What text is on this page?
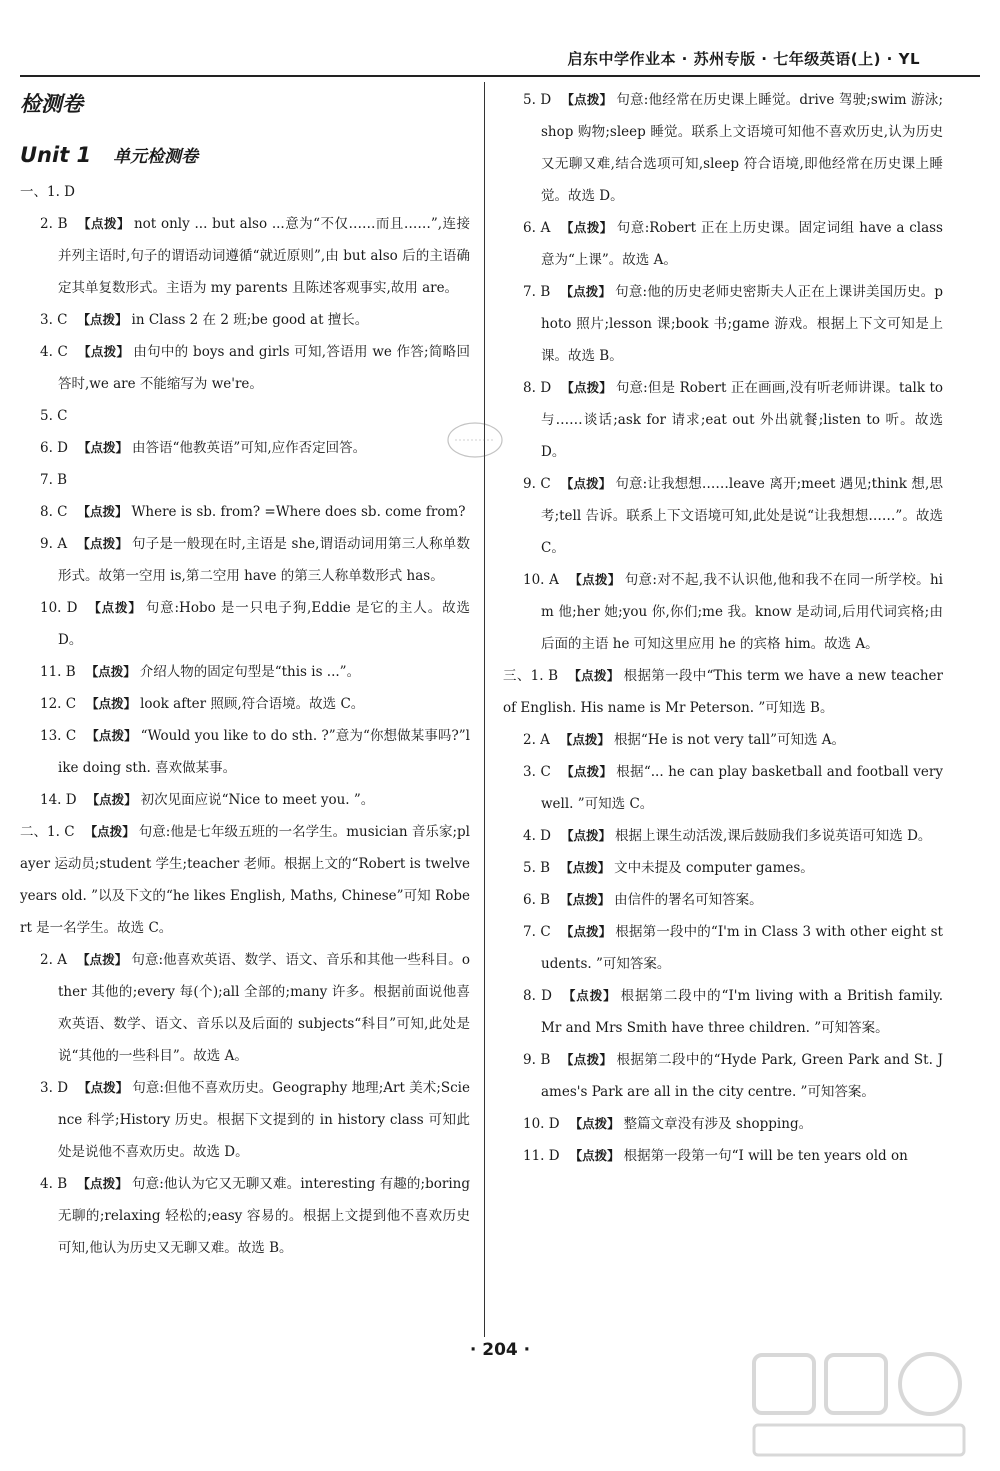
启东中学作业本 · 苏州专版 · 七年级英语(上) · YL
检测卷
Unit 1 单元检测卷

一、1. D

2. B 【点拨】 not only ... but also ...意为“不仅……而且……”,连接并列主语时,句子的谓语动词遵循“就近原则”,由 but also 后的主语确定其单复数形式。主语为 my parents 且陈述客观事实,故用 are。

3. C 【点拨】 in Class 2 在 2 班;be good at 擅长。

4. C 【点拨】 由句中的 boys and girls 可知,答语用 we 作答;简略回答时,we are 不能缩写为 we're。

5. C

6. D 【点拨】 由答语“他教英语”可知,应作否定回答。

7. B

8. C 【点拨】 Where is sb. from? =Where does sb. come from?

9. A 【点拨】 句子是一般现在时,主语是 she,谓语动词用第三人称单数形式。故第一空用 is,第二空用 have 的第三人称单数形式 has。

10. D 【点拨】 句意:Hobo 是一只电子狗,Eddie 是它的主人。故选 D。

11. B 【点拨】 介绍人物的固定句型是“this is ...”。

12. C 【点拨】 look after 照顾,符合语境。故选 C。

13. C 【点拨】 “Would you like to do sth. ?”意为“你想做某事吗?”like doing sth. 喜欢做某事。

14. D 【点拨】 初次见面应说“Nice to meet you. ”。

二、1. C 【点拨】 句意:他是七年级五班的一名学生。musician 音乐家;player 运动员;student 学生;teacher 老师。根据上文的“Robert is twelve years old. ”以及下文的“he likes English, Maths, Chinese”可知 Robert 是一名学生。故选 C。

2. A 【点拨】 句意:他喜欢英语、数学、语文、音乐和其他一些科目。other 其他的;every 每(个);all 全部的;many 许多。根据前面说他喜欢英语、数学、语文、音乐以及后面的 subjects“科目”可知,此处是说“其他的一些科目”。故选 A。

3. D 【点拨】 句意:但他不喜欢历史。Geography 地理;Art 美术;Science 科学;History 历史。根据下文提到的 in history class 可知此处是说他不喜欢历史。故选 D。

4. B 【点拨】 句意:他认为它又无聊又难。interesting 有趣的;boring 无聊的;relaxing 轻松的;easy 容易的。根据上文提到他不喜欢历史可知,他认为历史又无聊又难。故选 B。

5. D 【点拨】 句意:他经常在历史课上睡觉。drive 驾驶;swim 游泳;shop 购物;sleep 睡觉。联系上文语境可知他不喜欢历史,认为历史又无聊又难,结合选项可知,sleep 符合语境,即他经常在历史课上睡觉。故选 D。

6. A 【点拨】 句意:Robert 正在上历史课。固定词组 have a class 意为“上课”。故选 A。

7. B 【点拨】 句意:他的历史老师史密斯夫人正在上课讲美国历史。photo 照片;lesson 课;book 书;game 游戏。根据上下文可知是上课。故选 B。

8. D 【点拨】 句意:但是 Robert 正在画画,没有听老师讲课。talk to 与……谈话;ask for 请求;eat out 外出就餐;listen to 听。故选 D。

9. C 【点拨】 句意:让我想想……leave 离开;meet 遇见;think 想,思考;tell 告诉。联系上下文语境可知,此处是说“让我想想……”。故选 C。

10. A 【点拨】 句意:对不起,我不认识他,他和我不在同一所学校。him 他;her 她;you 你,你们;me 我。know 是动词,后用代词宾格;由后面的主语 he 可知这里应用 he 的宾格 him。故选 A。

三、1. B 【点拨】 根据第一段中“This term we have a new teacher of English. His name is Mr Peterson. ”可知选 B。

2. A 【点拨】 根据“He is not very tall”可知选 A。

3. C 【点拨】 根据“... he can play basketball and football very well. ”可知选 C。

4. D 【点拨】 根据上课生动活泼,课后鼓励我们多说英语可知选 D。

5. B 【点拨】 文中未提及 computer games。

6. B 【点拨】 由信件的署名可知答案。

7. C 【点拨】 根据第一段中的“I'm in Class 3 with other eight students. ”可知答案。

8. D 【点拨】 根据第二段中的“I'm living with a British family. Mr and Mrs Smith have three children. ”可知答案。

9. B 【点拨】 根据第二段中的“Hyde Park, Green Park and St. James's Park are all in the city centre. ”可知答案。

10. D 【点拨】 整篇文章没有涉及 shopping。

11. D 【点拨】 根据第一段第一句“I will be ten years old on

· 204 ·
